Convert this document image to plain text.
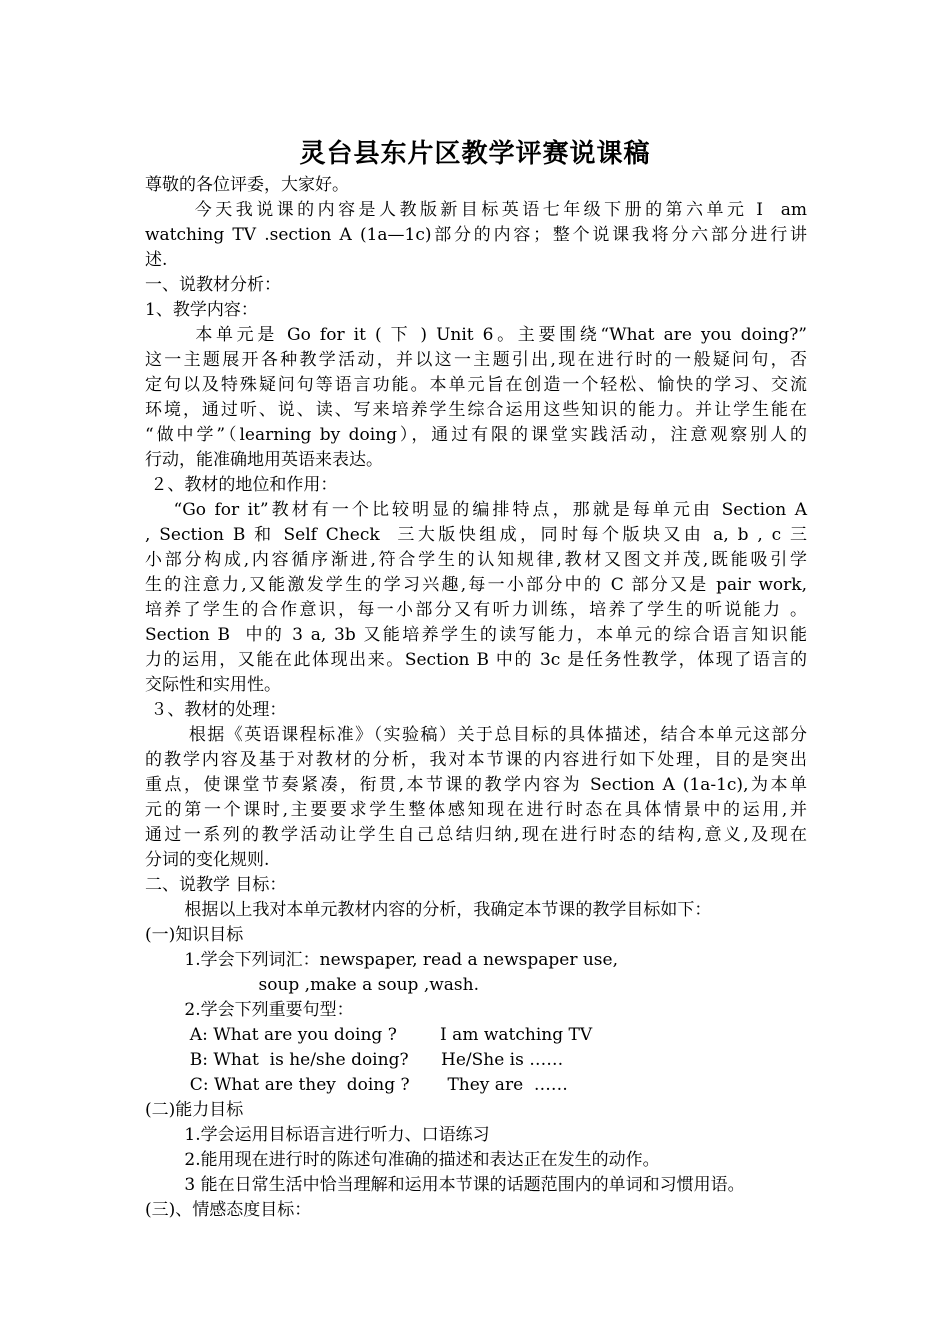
灵台县东片区教学评赛说课稿
尊敬的各位评委，大家好。
　　 今天我说课的内容是人教版新目标英语七年级下册的第六单元 I  am
watching TV .section A (1a—1c)部分的内容；整个说课我将分六部分进行讲
述.
一、说教材分析：
1、教学内容：
　　 本单元是 Go for it ( 下 ) Unit 6。主要围绕“What are you doing?”
这一主题展开各种教学活动，并以这一主题引出,现在进行时的一般疑问句，否
定句以及特殊疑问句等语言功能。本单元旨在创造一个轻松、愉快的学习、交流
环境，通过听、说、读、写来培养学生综合运用这些知识的能力。并让学生能在
“做中学”（learning by doing），通过有限的课堂实践活动，注意观察别人的
行动，能准确地用英语来表达。
２、教材的地位和作用：
　 “Go for it”教材有一个比较明显的编排特点，那就是每单元由 Section A
, Section B 和 Self Check  三大版快组成，同时每个版块又由 a, b , c 三
小部分构成,内容循序渐进,符合学生的认知规律,教材又图文并茂,既能吸引学
生的注意力,又能激发学生的学习兴趣,每一小部分中的 C 部分又是 pair work,
培养了学生的合作意识，每一小部分又有听力训练，培养了学生的听说能力 。
Section B  中的 3 a, 3b 又能培养学生的读写能力，本单元的综合语言知识能
力的运用，又能在此体现出来。Section B 中的 3c 是任务性教学，体现了语言的
交际性和实用性。
３、教材的处理：
　　 根据《英语课程标准》（实验稿）关于总目标的具体描述，结合本单元这部分
的教学内容及基于对教材的分析，我对本节课的内容进行如下处理，目的是突出
重点，使课堂节奏紧凑，衔贯,本节课的教学内容为 Section A (1a-1c),为本单
元的第一个课时,主要要求学生整体感知现在进行时态在具体情景中的运用,并
通过一系列的教学活动让学生自己总结归纳,现在进行时态的结构,意义,及现在
分词的变化规则.
二、说教学 目标：
　　 根据以上我对本单元教材内容的分析，我确定本节课的教学目标如下：
(一)知识目标
　　 1.学会下列词汇：newspaper, read a newspaper use,
soup ,make a soup ,wash.
　　 2.学会下列重要句型：
　　  A: What are you doing ?        I am watching TV
　　  B: What  is he/she doing?      He/She is ……
　　  C: What are they  doing ?       They are  ……
(二)能力目标
　　 1.学会运用目标语言进行听力、口语练习
　　 2.能用现在进行时的陈述句准确的描述和表达正在发生的动作。
　　 3 能在日常生活中恰当理解和运用本节课的话题范围内的单词和习惯用语。
(三)、情感态度目标：
